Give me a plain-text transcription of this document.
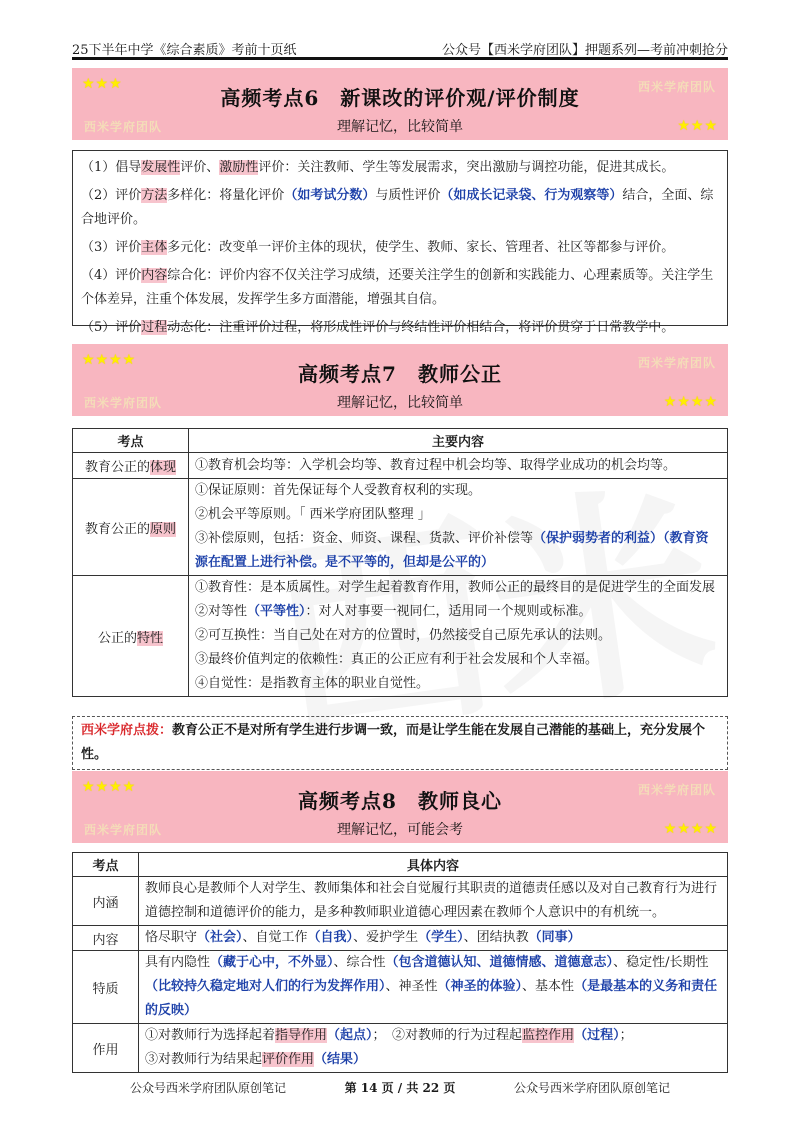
25下半年中学《综合素质》考前十页纸	公众号【西米学府团队】押题系列—考前冲刺抢分
★★★	西米学府团队
高频考点6　新课改的评价观/评价制度
西米学府团队	理解记忆，比较简单	★★★
（1）倡导发展性评价、激励性评价：关注教师、学生等发展需求，突出激励与调控功能，促进其成长。
（2）评价方法多样化：将量化评价（如考试分数）与质性评价（如成长记录袋、行为观察等）结合，全面、综合地评价。
（3）评价主体多元化：改变单一评价主体的现状，使学生、教师、家长、管理者、社区等都参与评价。
（4）评价内容综合化：评价内容不仅关注学习成绩，还要关注学生的创新和实践能力、心理素质等。关注学生个体差异，注重个体发展，发挥学生多方面潜能，增强其自信。
（5）评价过程动态化：注重评价过程，将形成性评价与终结性评价相结合，将评价贯穿于日常教学中。
★★★★	西米学府团队
高频考点7　教师公正
西米学府团队	理解记忆，比较简单	★★★★
考点	主要内容
教育公正的体现	①教育机会均等：入学机会均等、教育过程中机会均等、取得学业成功的机会均等。

教育公正的原则	①保证原则：首先保证每个人受教育权利的实现。
②机会平等原则。「 西米学府团队整理 」
③补偿原则，包括：资金、师资、课程、货款、评价补偿等（保护弱势者的利益）（教育资源在配置上进行补偿。是不平等的，但却是公平的）

公正的特性	①教育性：是本质属性。对学生起着教育作用，教师公正的最终目的是促进学生的全面发展
②对等性（平等性）：对人对事要一视同仁，适用同一个规则或标准。
②可互换性：当自己处在对方的位置时，仍然接受自己原先承认的法则。
③最终价值判定的依赖性：真正的公正应有利于社会发展和个人幸福。
④自觉性：是指教育主体的职业自觉性。
西米学府点拨：教育公正不是对所有学生进行步调一致，而是让学生能在发展自己潜能的基础上，充分发展个性。
★★★★	西米学府团队
高频考点8　教师良心
西米学府团队	理解记忆，可能会考	★★★★
考点	具体内容
内涵	教师良心是教师个人对学生、教师集体和社会自觉履行其职责的道德责任感以及对自己教育行为进行道德控制和道德评价的能力，是多种教师职业道德心理因素在教师个人意识中的有机统一。

内容	恪尽职守（社会）、自觉工作（自我）、爱护学生（学生）、团结执教（同事）

特质	具有内隐性（藏于心中，不外显）、综合性（包含道德认知、道德情感、道德意志）、稳定性/长期性（比较持久稳定地对人们的行为发挥作用）、神圣性（神圣的体验）、基本性（是最基本的义务和责任的反映）

作用	①对教师行为选择起着指导作用（起点）；　②对教师的行为过程起监控作用（过程）；
③对教师行为结果起评价作用（结果）
公众号西米学府团队原创笔记	第 14 页 / 共 22 页	公众号西米学府团队原创笔记
